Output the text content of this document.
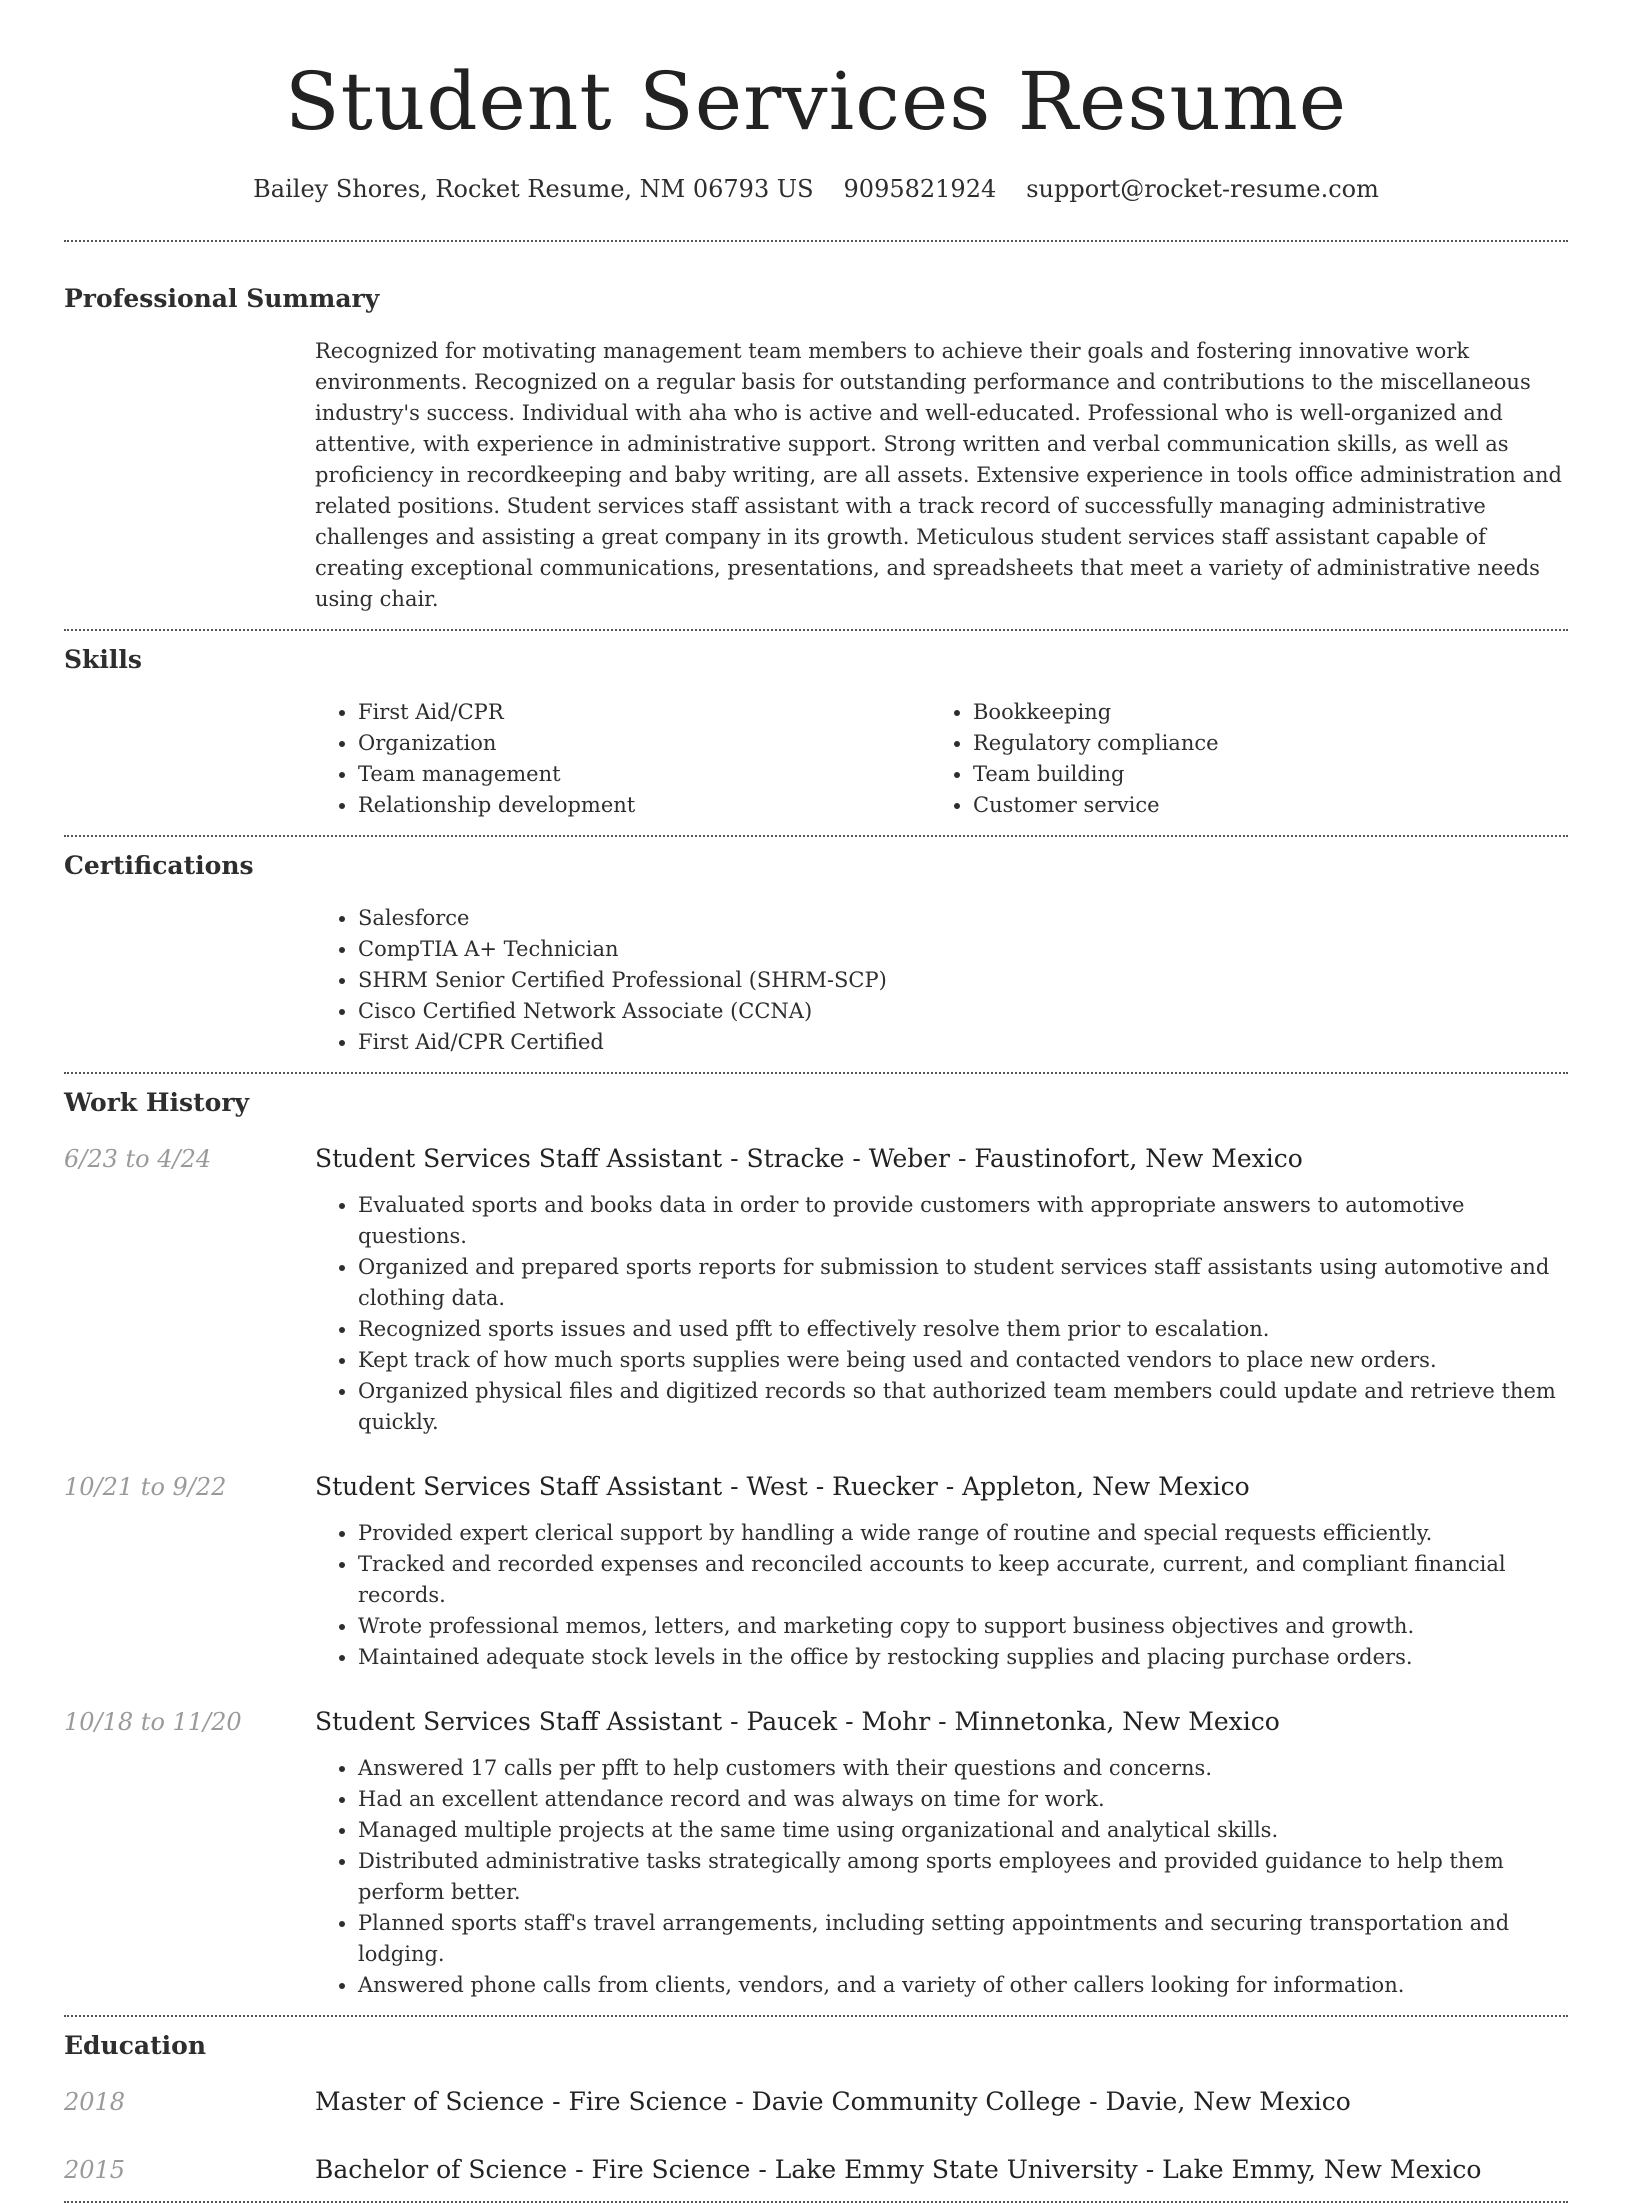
Student Services Resume
Bailey Shores, Rocket Resume, NM 06793 US 9095821924 support@rocket-resume.com
Professional Summary

Recognized for motivating management team members to achieve their goals and fostering innovative work environments. Recognized on a regular basis for outstanding performance and contributions to the miscellaneous industry's success. Individual with aha who is active and well-educated. Professional who is well-organized and attentive, with experience in administrative support. Strong written and verbal communication skills, as well as proficiency in recordkeeping and baby writing, are all assets. Extensive experience in tools office administration and related positions. Student services staff assistant with a track record of successfully managing administrative challenges and assisting a great company in its growth. Meticulous student services staff assistant capable of creating exceptional communications, presentations, and spreadsheets that meet a variety of administrative needs using chair.

Skills
• First Aid/CPR
• Organization
• Team management
• Relationship development
• Bookkeeping
• Regulatory compliance
• Team building
• Customer service
Certifications
• Salesforce
• CompTIA A+ Technician
• SHRM Senior Certified Professional (SHRM-SCP)
• Cisco Certified Network Associate (CCNA)
• First Aid/CPR Certified
Work History
6/23 to 4/24	Student Services Staff Assistant - Stracke - Weber - Faustinofort, New Mexico
• Evaluated sports and books data in order to provide customers with appropriate answers to automotive questions.
• Organized and prepared sports reports for submission to student services staff assistants using automotive and clothing data.
• Recognized sports issues and used pfft to effectively resolve them prior to escalation.
• Kept track of how much sports supplies were being used and contacted vendors to place new orders.
• Organized physical files and digitized records so that authorized team members could update and retrieve them quickly.
10/21 to 9/22	Student Services Staff Assistant - West - Ruecker - Appleton, New Mexico
• Provided expert clerical support by handling a wide range of routine and special requests efficiently.
• Tracked and recorded expenses and reconciled accounts to keep accurate, current, and compliant financial records.
• Wrote professional memos, letters, and marketing copy to support business objectives and growth.
• Maintained adequate stock levels in the office by restocking supplies and placing purchase orders.
10/18 to 11/20	Student Services Staff Assistant - Paucek - Mohr - Minnetonka, New Mexico
• Answered 17 calls per pfft to help customers with their questions and concerns.
• Had an excellent attendance record and was always on time for work.
• Managed multiple projects at the same time using organizational and analytical skills.
• Distributed administrative tasks strategically among sports employees and provided guidance to help them perform better.
• Planned sports staff's travel arrangements, including setting appointments and securing transportation and lodging.
• Answered phone calls from clients, vendors, and a variety of other callers looking for information.
Education
2018	Master of Science - Fire Science - Davie Community College - Davie, New Mexico
2015	Bachelor of Science - Fire Science - Lake Emmy State University - Lake Emmy, New Mexico
